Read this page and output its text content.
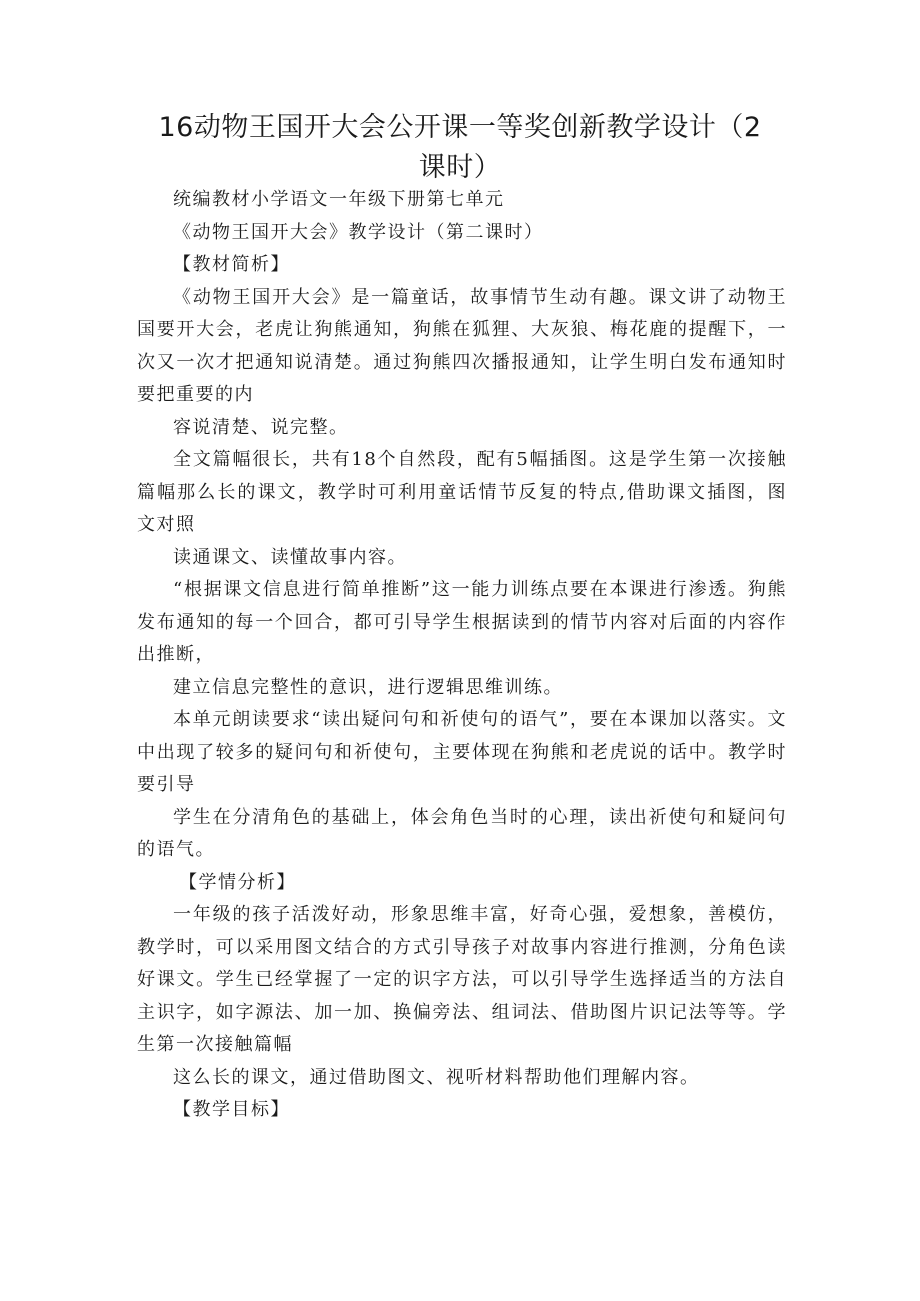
16动物王国开大会公开课一等奖创新教学设计（2课时）

统编教材小学语文一年级下册第七单元

《动物王国开大会》教学设计（第二课时）

【教材简析】

《动物王国开大会》是一篇童话，故事情节生动有趣。课文讲了动物王国要开大会，老虎让狗熊通知，狗熊在狐狸、大灰狼、梅花鹿的提醒下，一次又一次才把通知说清楚。通过狗熊四次播报通知，让学生明白发布通知时要把重要的内

容说清楚、说完整。

全文篇幅很长，共有18个自然段，配有5幅插图。这是学生第一次接触篇幅那么长的课文，教学时可利用童话情节反复的特点,借助课文插图，图文对照

读通课文、读懂故事内容。

“根据课文信息进行简单推断”这一能力训练点要在本课进行渗透。狗熊发布通知的每一个回合，都可引导学生根据读到的情节内容对后面的内容作出推断，

建立信息完整性的意识，进行逻辑思维训练。

本单元朗读要求“读出疑问句和祈使句的语气”，要在本课加以落实。文中出现了较多的疑问句和祈使句，主要体现在狗熊和老虎说的话中。教学时要引导

学生在分清角色的基础上，体会角色当时的心理，读出祈使句和疑问句的语气。

【学情分析】

一年级的孩子活泼好动，形象思维丰富，好奇心强，爱想象，善模仿，教学时，可以采用图文结合的方式引导孩子对故事内容进行推测，分角色读好课文。学生已经掌握了一定的识字方法，可以引导学生选择适当的方法自主识字，如字源法、加一加、换偏旁法、组词法、借助图片识记法等等。学生第一次接触篇幅

这么长的课文，通过借助图文、视听材料帮助他们理解内容。

【教学目标】
